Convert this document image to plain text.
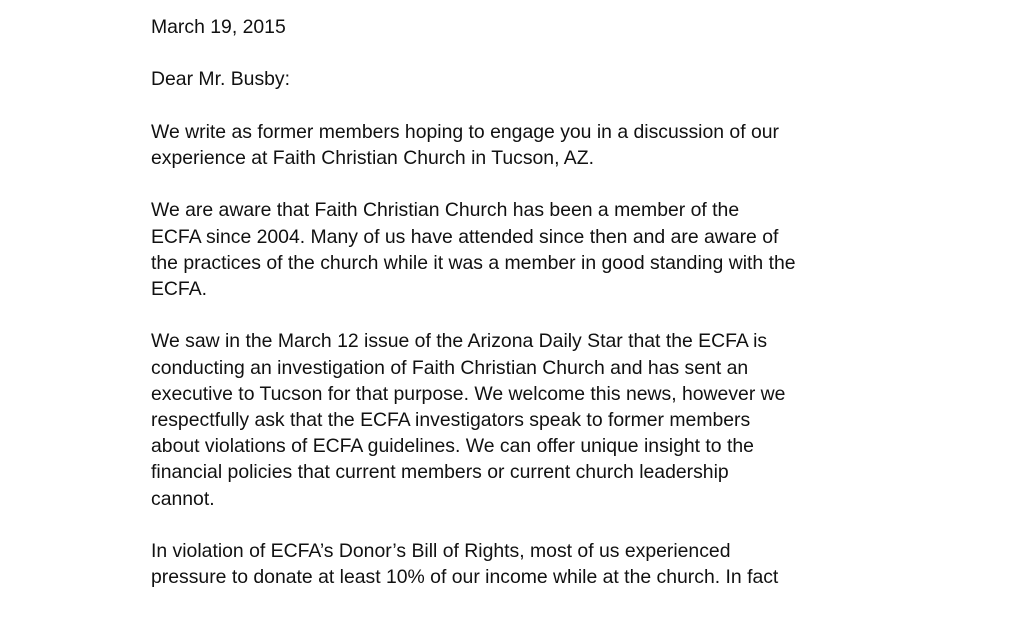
March 19, 2015
Dear Mr. Busby:
We write as former members hoping to engage you in a discussion of our
experience at Faith Christian Church in Tucson, AZ.
We are aware that Faith Christian Church has been a member of the
ECFA since 2004. Many of us have attended since then and are aware of
the practices of the church while it was a member in good standing with the
ECFA.
We saw in the March 12 issue of the Arizona Daily Star that the ECFA is
conducting an investigation of Faith Christian Church and has sent an
executive to Tucson for that purpose. We welcome this news, however we
respectfully ask that the ECFA investigators speak to former members
about violations of ECFA guidelines. We can offer unique insight to the
financial policies that current members or current church leadership
cannot.
In violation of ECFA’s Donor’s Bill of Rights, most of us experienced
pressure to donate at least 10% of our income while at the church. In fact
